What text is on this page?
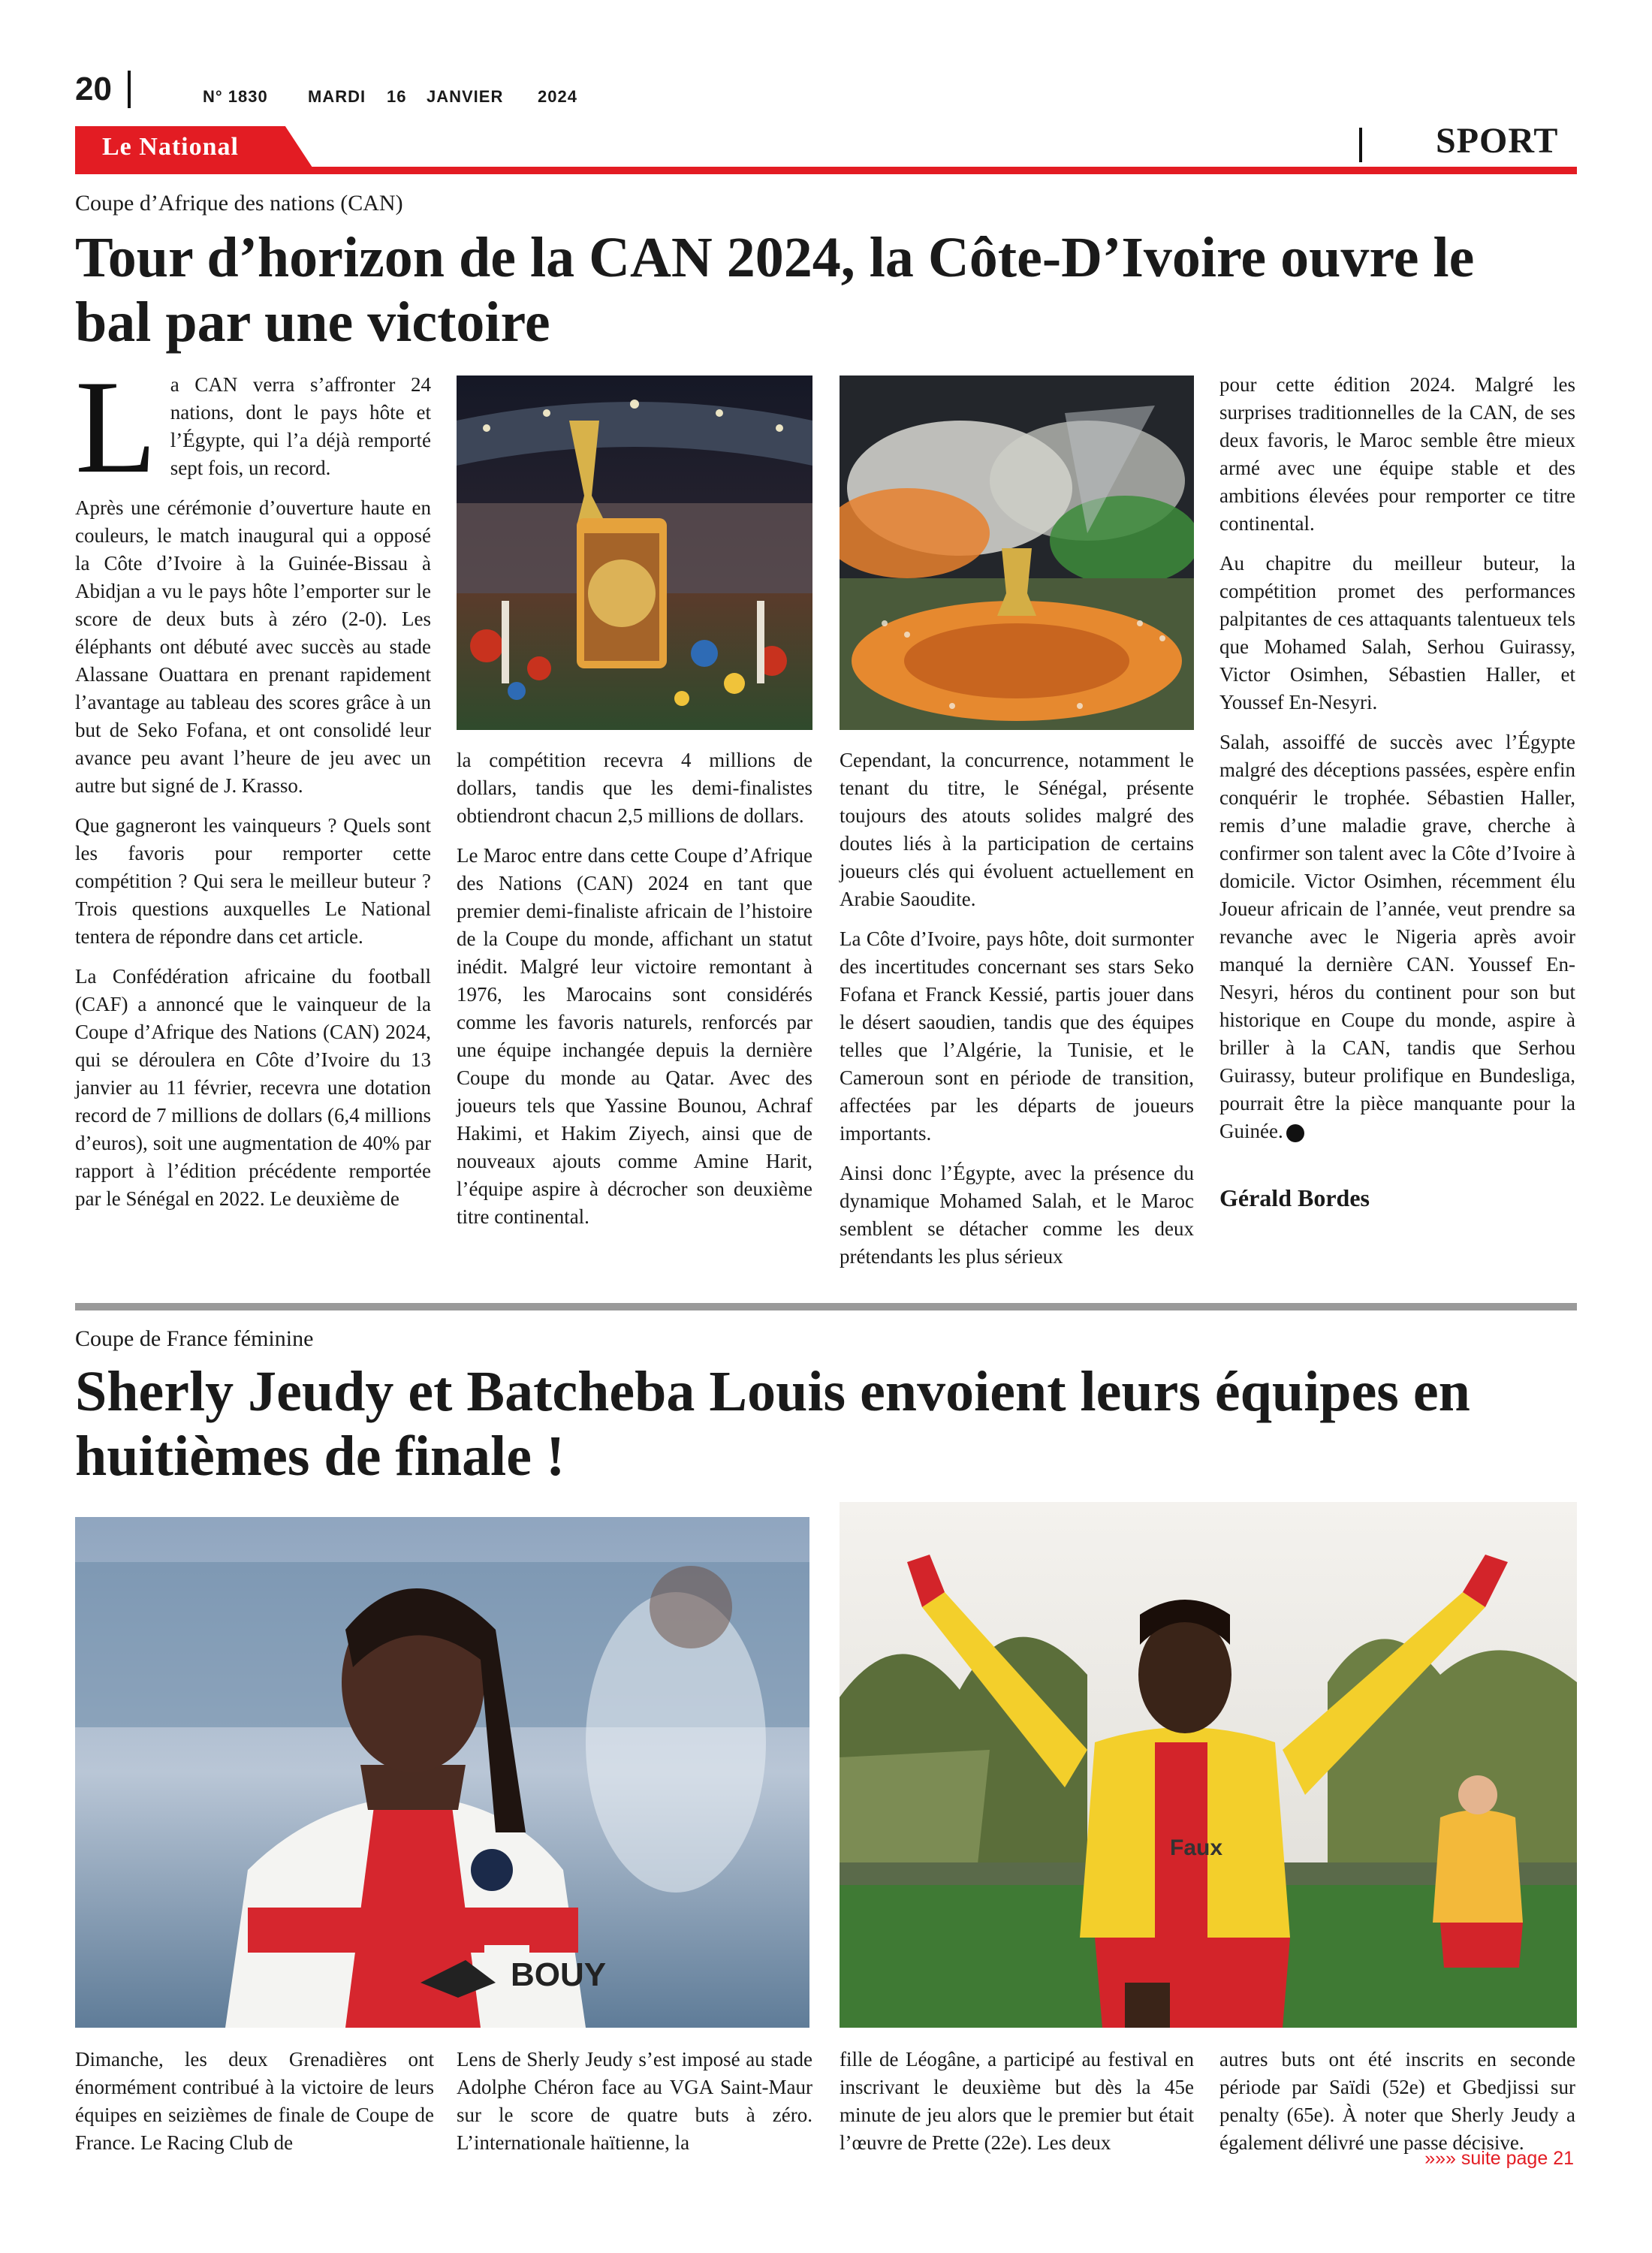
20	N° 1830 MARDI 16 JANVIER 2024
Le National	SPORT
Coupe d’Afrique des nations (CAN)
Tour d’horizon de la CAN 2024, la Côte-D’Ivoire ouvre le
bal par une victoire

L a CAN verra s’affronter 24 nations, dont le pays hôte et l’Égypte, qui l’a déjà remporté sept fois, un record.

Après une cérémonie d’ouverture haute en couleurs, le match inaugural qui a opposé la Côte d’Ivoire à la Guinée-Bissau à Abidjan a vu le pays hôte l’emporter sur le score de deux buts à zéro (2-0). Les éléphants ont débuté avec succès au stade Alassane Ouattara en prenant rapidement l’avantage au tableau des scores grâce à un but de Seko Fofana, et ont consolidé leur avance peu avant l’heure de jeu avec un autre but signé de J. Krasso.

Que gagneront les vainqueurs ? Quels sont les favoris pour remporter cette compétition ? Qui sera le meilleur buteur ? Trois questions auxquelles Le National tentera de répondre dans cet article.

La Confédération africaine du football (CAF) a annoncé que le vainqueur de la Coupe d’Afrique des Nations (CAN) 2024, qui se déroulera en Côte d’Ivoire du 13 janvier au 11 février, recevra une dotation record de 7 millions de dollars (6,4 millions d’euros), soit une augmentation de 40% par rapport à l’édition précédente remportée par le Sénégal en 2022. Le deuxième de

la compétition recevra 4 millions de dollars, tandis que les demi-finalistes obtiendront chacun 2,5 millions de dollars.

Le Maroc entre dans cette Coupe d’Afrique des Nations (CAN) 2024 en tant que premier demi-finaliste africain de l’histoire de la Coupe du monde, affichant un statut inédit. Malgré leur victoire remontant à 1976, les Marocains sont considérés comme les favoris naturels, renforcés par une équipe inchangée depuis la dernière Coupe du monde au Qatar. Avec des joueurs tels que Yassine Bounou, Achraf Hakimi, et Hakim Ziyech, ainsi que de nouveaux ajouts comme Amine Harit, l’équipe aspire à décrocher son deuxième titre continental.

Cependant, la concurrence, notamment le tenant du titre, le Sénégal, présente toujours des atouts solides malgré des doutes liés à la participation de certains joueurs clés qui évoluent actuellement en Arabie Saoudite.

La Côte d’Ivoire, pays hôte, doit surmonter des incertitudes concernant ses stars Seko Fofana et Franck Kessié, partis jouer dans le désert saoudien, tandis que des équipes telles que l’Algérie, la Tunisie, et le Cameroun sont en période de transition, affectées par les départs de joueurs importants.

Ainsi donc l’Égypte, avec la présence du dynamique Mohamed Salah, et le Maroc semblent se détacher comme les deux prétendants les plus sérieux

pour cette édition 2024. Malgré les surprises traditionnelles de la CAN, de ses deux favoris, le Maroc semble être mieux armé avec une équipe stable et des ambitions élevées pour remporter ce titre continental.

Au chapitre du meilleur buteur, la compétition promet des performances palpitantes de ces attaquants talentueux tels que Mohamed Salah, Serhou Guirassy, Victor Osimhen, Sébastien Haller, et Youssef En-Nesyri.

Salah, assoiffé de succès avec l’Égypte malgré des déceptions passées, espère enfin conquérir le trophée. Sébastien Haller, remis d’une maladie grave, cherche à confirmer son talent avec la Côte d’Ivoire à domicile. Victor Osimhen, récemment élu Joueur africain de l’année, veut prendre sa revanche avec le Nigeria après avoir manqué la dernière CAN. Youssef En-Nesyri, héros du continent pour son but historique en Coupe du monde, aspire à briller à la CAN, tandis que Serhou Guirassy, buteur prolifique en Bundesliga, pourrait être la pièce manquante pour la Guinée.

Gérald Bordes

Coupe de France féminine
Sherly Jeudy et Batcheba Louis envoient leurs équipes en
huitièmes de finale !
BOUY
Faux

Dimanche, les deux Grenadières ont énormément contribué à la victoire de leurs équipes en seizièmes de finale de Coupe de France. Le Racing Club de

Lens de Sherly Jeudy s’est imposé au stade Adolphe Chéron face au VGA Saint-Maur sur le score de quatre buts à zéro. L’internationale haïtienne, la

fille de Léogâne, a participé au festival en inscrivant le deuxième but dès la 45e minute de jeu alors que le premier but était l’œuvre de Prette (22e). Les deux

autres buts ont été inscrits en seconde période par Saïdi (52e) et Gbedjissi sur penalty (65e). À noter que Sherly Jeudy a également délivré une passe décisive.

»»» suite page 21
